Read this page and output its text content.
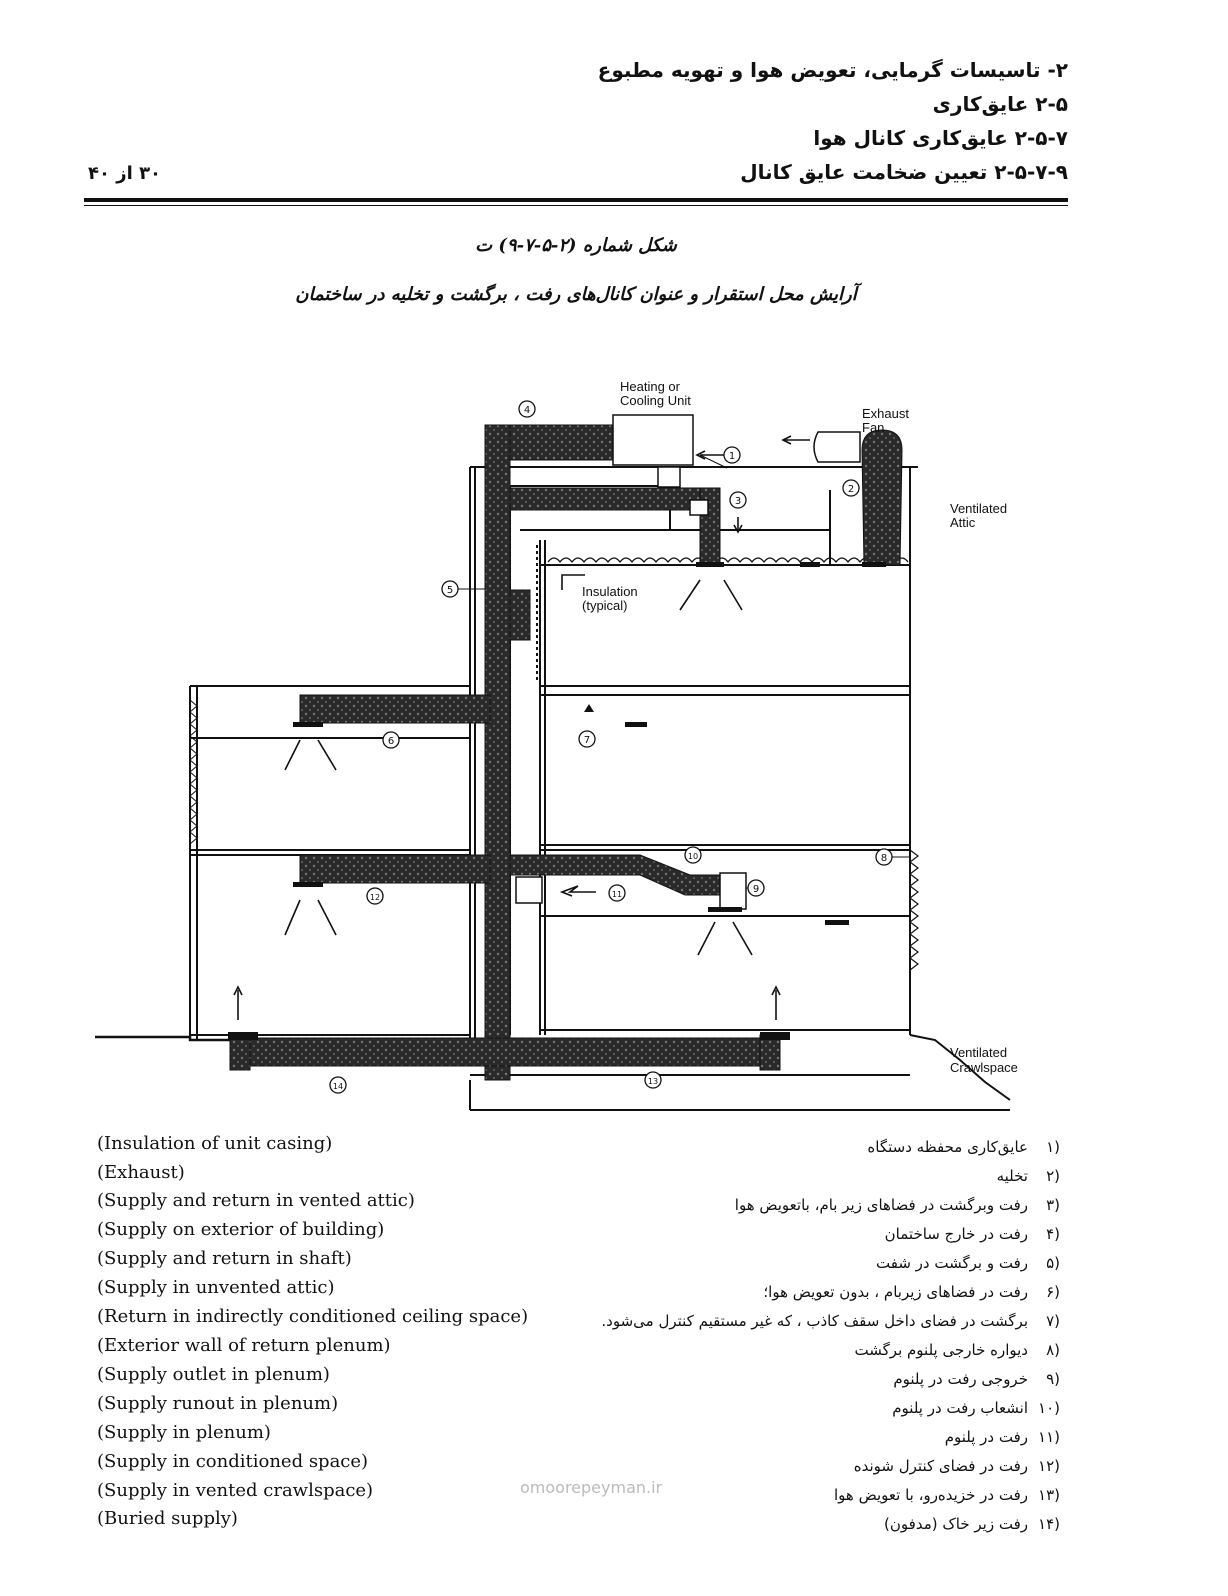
۲- تاسیسات گرمایی، تعویض هوا و تهویه مطبوع
۲-۵ عایق‌کاری
۲-۵-۷ عایق‌کاری کانال هوا
۲-۵-۷-۹ تعیین ضخامت عایق کانال
۳۰ از ۴۰
شکل شماره (۲-۵-۷-۹) ت
آرایش محل استقرار و عنوان کانال‌های رفت ، برگشت و تخلیه در ساختمان
1
2
3
4
5
6	7
8
9
10
11
12
13
14
Heating or
Cooling Unit
Exhaust
Fan
Ventilated
Attic
Insulation
(typical)
Ventilated
Crawlspace
(۱
عایق‌کاری محفظه دستگاه
(Insulation of unit casing)
(۲
تخلیه
(Exhaust)
(۳
رفت وبرگشت در فضاهای زیر بام، باتعویض هوا
(Supply and return in vented attic)
(۴
رفت در خارج ساختمان
(Supply on exterior of building)
(۵
رفت و برگشت در شفت
(Supply and return in shaft)
(۶
رفت در فضاهای زیربام ، بدون تعویض هوا؛
(Supply in unvented attic)
(۷
برگشت در فضای داخل سقف کاذب ، که غیر مستقیم کنترل می‌شود.
(Return in indirectly conditioned ceiling space)
(۸
دیواره خارجی پلنوم برگشت
(Exterior wall of return plenum)
(۹
خروجی رفت در پلنوم
(Supply outlet in plenum)
(۱۰
انشعاب رفت در پلنوم
(Supply runout in plenum)
(۱۱
رفت در پلنوم
(Supply in plenum)
(۱۲
رفت در فضای کنترل شونده
(Supply in conditioned space)
(۱۳
رفت در خزیده‌رو، با تعویض هوا
(Supply in vented crawlspace)
(۱۴
رفت زیر خاک (مدفون)
(Buried supply)
omoorepeyman.ir
